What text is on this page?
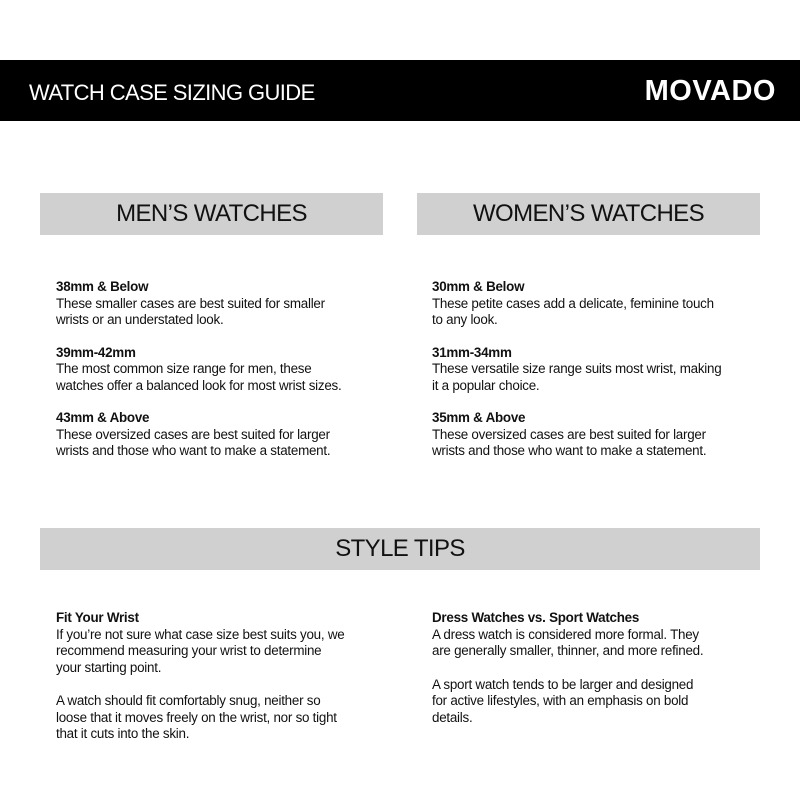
WATCH CASE SIZING GUIDE	MOVADO
MEN’S WATCHES	WOMEN’S WATCHES
38mm & Below
These smaller cases are best suited for smaller
wrists or an understated look.
39mm-42mm
The most common size range for men, these
watches offer a balanced look for most wrist sizes.
43mm & Above
These oversized cases are best suited for larger
wrists and those who want to make a statement.
30mm & Below
These petite cases add a delicate, feminine touch
to any look.
31mm-34mm
These versatile size range suits most wrist, making
it a popular choice.
35mm & Above
These oversized cases are best suited for larger
wrists and those who want to make a statement.
STYLE TIPS
Fit Your Wrist
If you’re not sure what case size best suits you, we
recommend measuring your wrist to determine
your starting point.
A watch should fit comfortably snug, neither so
loose that it moves freely on the wrist, nor so tight
that it cuts into the skin.
Dress Watches vs. Sport Watches
A dress watch is considered more formal. They
are generally smaller, thinner, and more refined.
A sport watch tends to be larger and designed
for active lifestyles, with an emphasis on bold
details.
